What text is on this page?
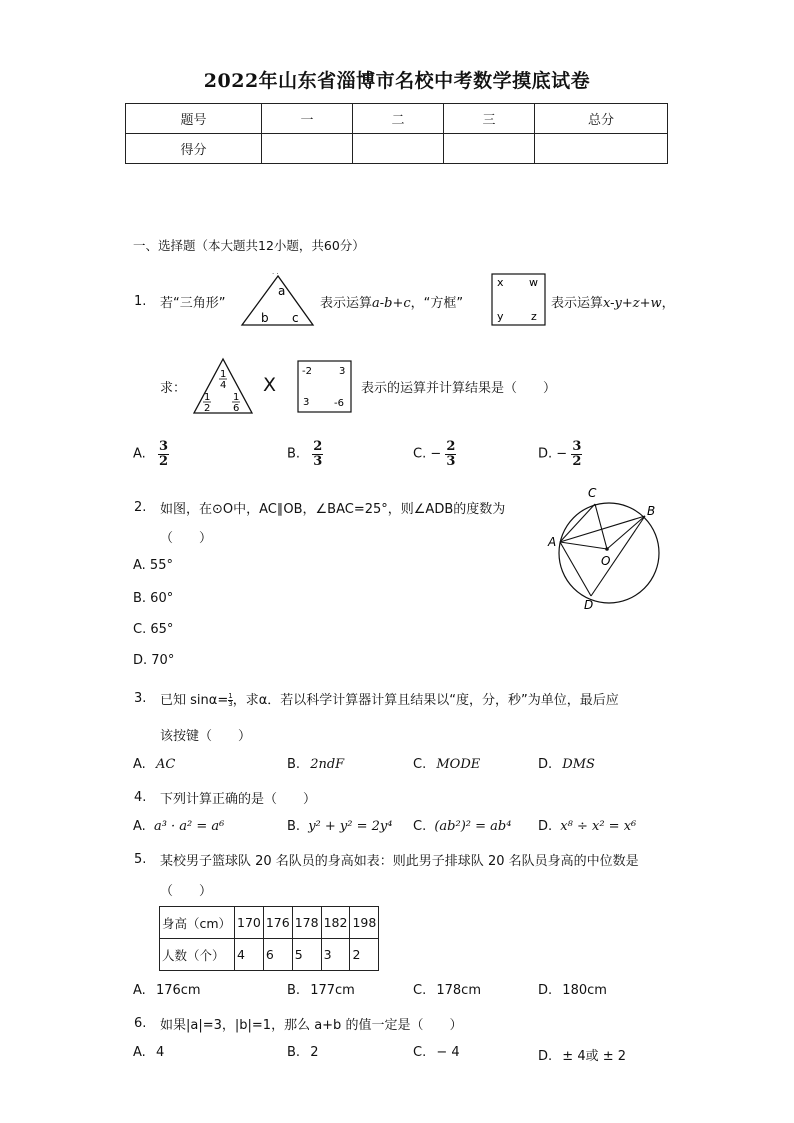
2022年山东省淄博市名校中考数学摸底试卷
题号	一	二	三	总分
得分				
一、选择题（本大题共12小题，共60分）
1. 若“三角形”
. .
a
b c
表示运算a-b+c，“方框”
x w
y z
表示运算x-y+z+w，
求：
1
4
1
2
1
6
X
-2	3
3 -6
表示的运算并计算结果是（　　）
A. $\frac{3}{2}$	B. $\frac{2}{3}$	C. − $\frac{2}{3}$	D. − $\frac{3}{2}$
2. 如图，在⊙O中，AC∥OB，∠BAC=25°，则∠ADB的度数为
（　　）
A. 55°
B. 60°
C. 65°
D. 70°
C
B
A
O
D
3. 已知 $\sin\alpha= \frac{1}{3}$ ，求α．若以科学计算器计算且结果以“度，分，秒”为单位，最后应
该按键（　　）
A. AC	B. 2ndF	C. MODE	D. DMS
4. 下列计算正确的是（　　）
A. a³ · a² = a⁶	B. y² + y² = 2y⁴ C. (ab²)² = ab⁴ D. x⁸ ÷ x² = x⁶
5. 某校男子篮球队 20 名队员的身高如表：则此男子排球队 20 名队员身高的中位数是
（　　）
身高（cm）	170	176	178	182	198
人数（个）	4	6	5	3	2
A. 176cm	B. 177cm	C. 178cm	D. 180cm
6. 如果|a|=3，|b|=1，那么 a+b 的值一定是（　　）
A. 4	B. 2	C. − 4	D. ± 4或 ± 2
